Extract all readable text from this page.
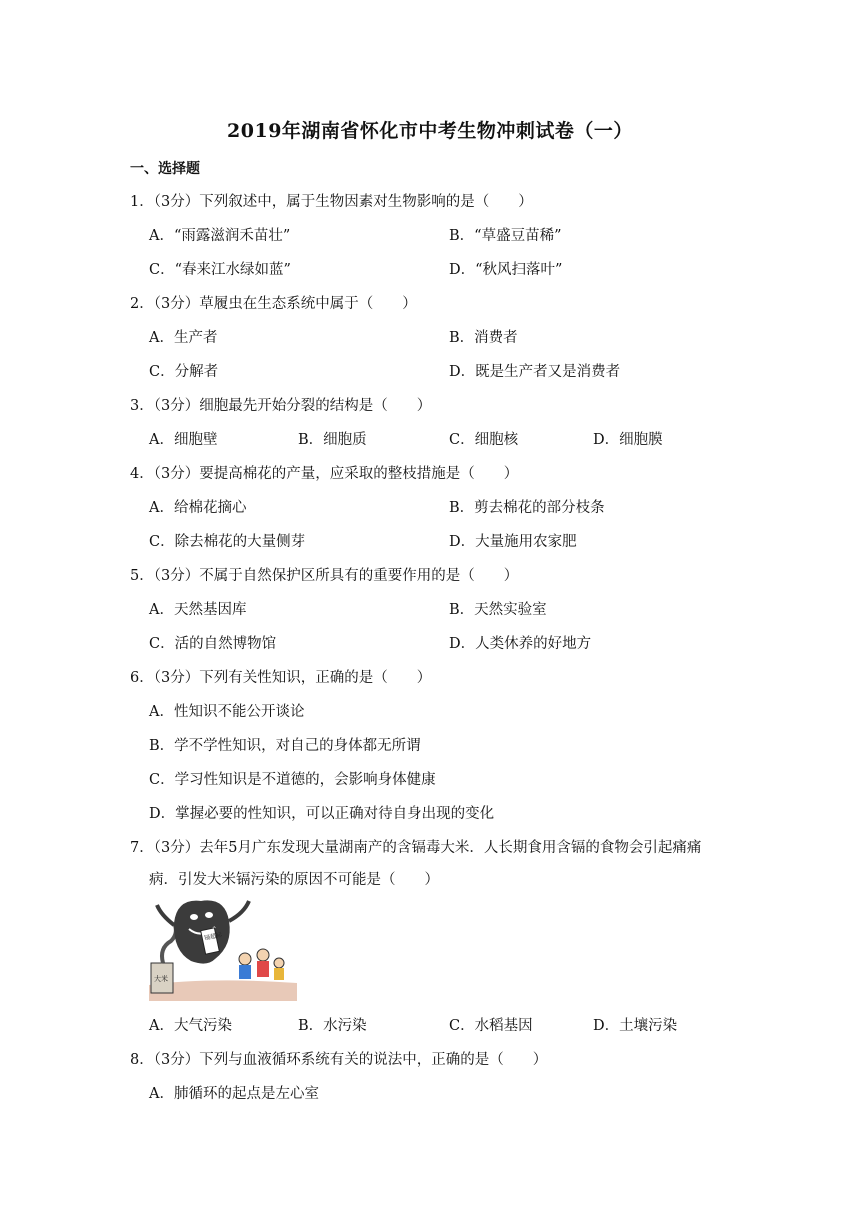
2019年湖南省怀化市中考生物冲刺试卷（一）
一、选择题
1．（3分）下列叙述中，属于生物因素对生物影响的是（　　）
A．“雨露滋润禾苗壮”	B．“草盛豆苗稀”
C．“春来江水绿如蓝”	D．“秋风扫落叶”
2．（3分）草履虫在生态系统中属于（　　）
A．生产者	B．消费者
C．分解者	D．既是生产者又是消费者
3．（3分）细胞最先开始分裂的结构是（　　）
A．细胞壁	B．细胞质	C．细胞核	D．细胞膜
4．（3分）要提高棉花的产量，应采取的整枝措施是（　　）
A．给棉花摘心	B．剪去棉花的部分枝条
C．除去棉花的大量侧芽	D．大量施用农家肥
5．（3分）不属于自然保护区所具有的重要作用的是（　　）
A．天然基因库	B．天然实验室
C．活的自然博物馆	D．人类休养的好地方
6．（3分）下列有关性知识，正确的是（　　）
A．性知识不能公开谈论
B．学不学性知识，对自己的身体都无所谓
C．学习性知识是不道德的，会影响身体健康
D．掌握必要的性知识，可以正确对待自身出现的变化
7．（3分）去年5月广东发现大量湖南产的含镉毒大米．人长期食用含镉的食物会引起痛痛
病．引发大米镉污染的原因不可能是（　　）
大米
镉超标
A．大气污染	B．水污染	C．水稻基因	D．土壤污染
8．（3分）下列与血液循环系统有关的说法中，正确的是（　　）
A．肺循环的起点是左心室
